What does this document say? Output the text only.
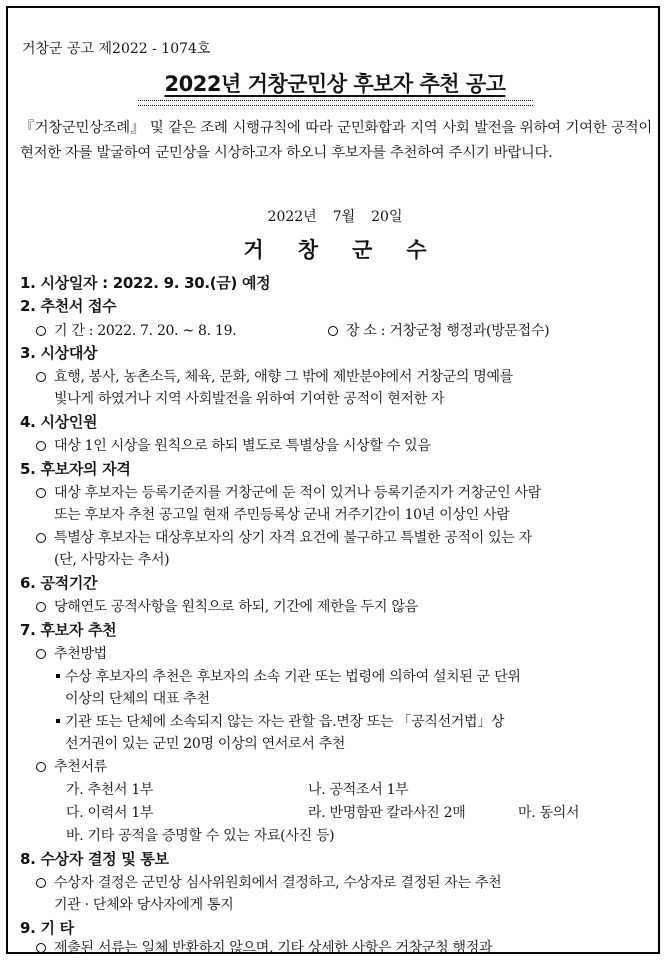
거창군 공고 제2022 - 1074호
2022년 거창군민상 후보자 추천 공고
『거창군민상조례』 및 같은 조례 시행규칙에 따라 군민화합과 지역 사회 발전을 위하여 기여한 공적이 현저한 자를 발굴하여 군민상을 시상하고자 하오니 후보자를 추천하여 주시기 바랍니다.
2022년 7월 20일
거창군수
1. 시상일자 : 2022. 9. 30.(금) 예정
2. 추천서 접수
기 간 : 2022. 7. 20. ~ 8. 19.	장 소 : 거창군청 행정과(방문접수)
3. 시상대상
효행, 봉사, 농촌소득, 체육, 문화, 애향 그 밖에 제반분야에서 거창군의 명예를
빛나게 하였거나 지역 사회발전을 위하여 기여한 공적이 현저한 자
4. 시상인원
대상 1인 시상을 원칙으로 하되 별도로 특별상을 시상할 수 있음
5. 후보자의 자격
대상 후보자는 등록기준지를 거창군에 둔 적이 있거나 등록기준지가 거창군인 사람
또는 후보자 추천 공고일 현재 주민등록상 군내 거주기간이 10년 이상인 사람
특별상 후보자는 대상후보자의 상기 자격 요건에 불구하고 특별한 공적이 있는 자
(단, 사망자는 추서)
6. 공적기간
당해연도 공적사항을 원칙으로 하되, 기간에 제한을 두지 않음
7. 후보자 추천
추천방법
수상 후보자의 추천은 후보자의 소속 기관 또는 법령에 의하여 설치된 군 단위
이상의 단체의 대표 추천
기관 또는 단체에 소속되지 않는 자는 관할 읍.면장 또는 「공직선거법」상
선거권이 있는 군민 20명 이상의 연서로서 추천
추천서류
가. 추천서 1부	나. 공적조서 1부
다. 이력서 1부	라. 반명함판 칼라사진 2매	마. 동의서
바. 기타 공적을 증명할 수 있는 자료(사진 등)
8. 수상자 결정 및 통보
수상자 결정은 군민상 심사위원회에서 결정하고, 수상자로 결정된 자는 추천
기관 · 단체와 당사자에게 통지
9. 기 타
제출된 서류는 일체 반환하지 않으며, 기타 상세한 사항은 거창군청 행정과
